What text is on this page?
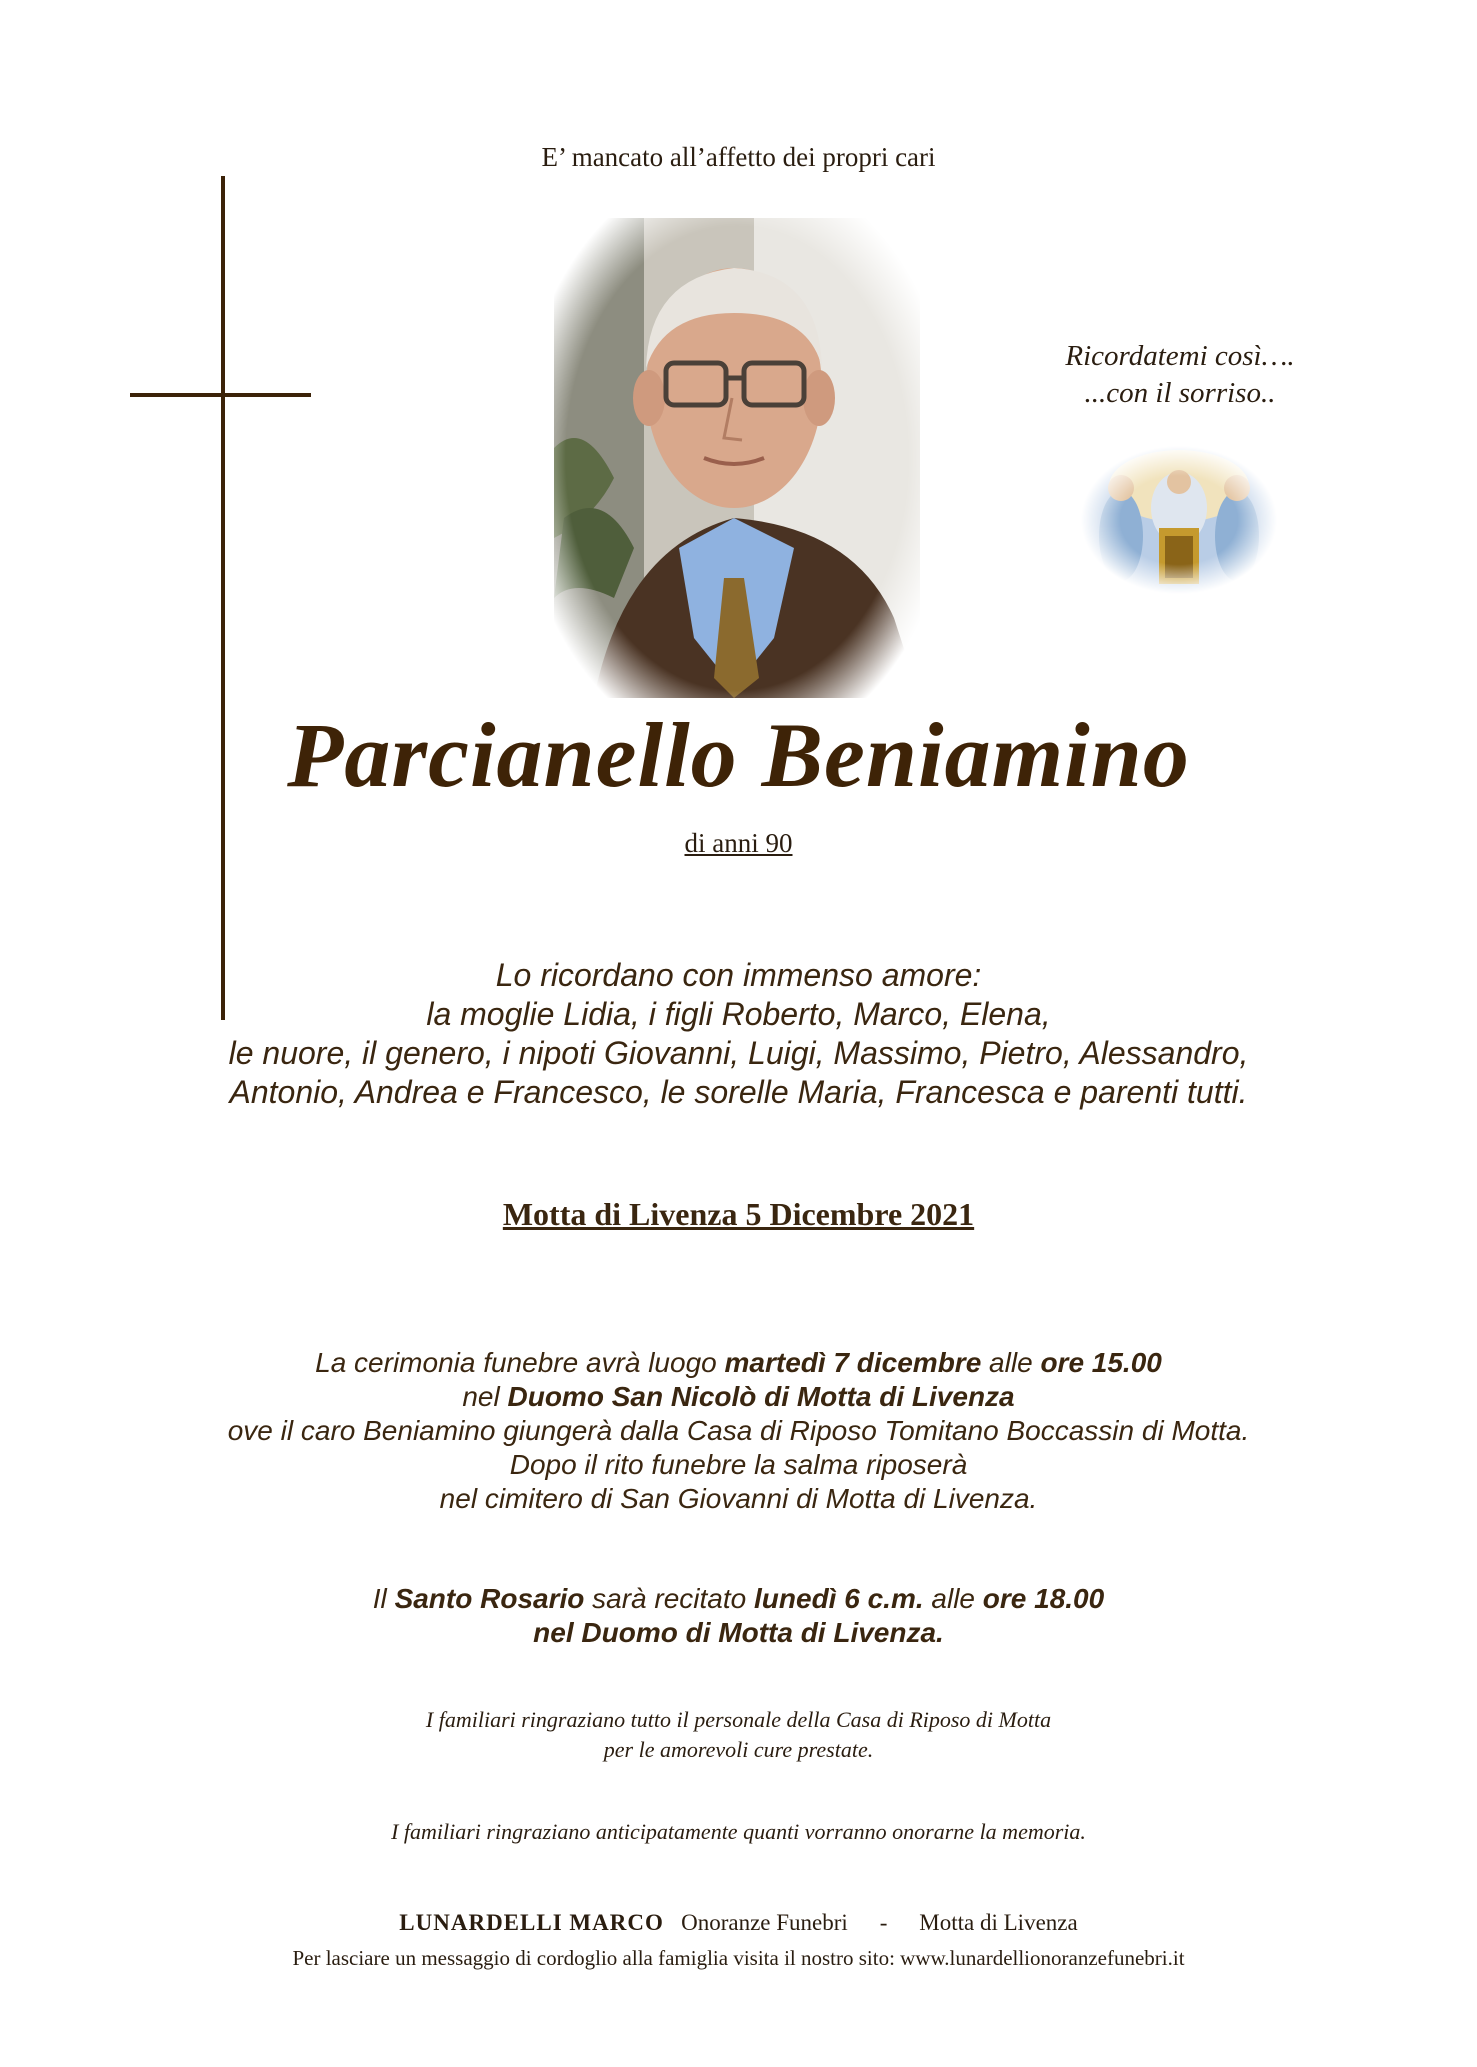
E’ mancato all’affetto dei propri cari
Ricordatemi così….
...con il sorriso..
Parcianello Beniamino
di anni 90
Lo ricordano con immenso amore:
la moglie Lidia, i figli Roberto, Marco, Elena,
le nuore, il genero, i nipoti Giovanni, Luigi, Massimo, Pietro, Alessandro,
Antonio, Andrea e Francesco, le sorelle Maria, Francesca e parenti tutti.
Motta di Livenza 5 Dicembre 2021
La cerimonia funebre avrà luogo martedì 7 dicembre alle ore 15.00
nel Duomo San Nicolò di Motta di Livenza
ove il caro Beniamino giungerà dalla Casa di Riposo Tomitano Boccassin di Motta.
Dopo il rito funebre la salma riposerà
nel cimitero di San Giovanni di Motta di Livenza.
Il Santo Rosario sarà recitato lunedì 6 c.m. alle ore 18.00
nel Duomo di Motta di Livenza.
I familiari ringraziano tutto il personale della Casa di Riposo di Motta
per le amorevoli cure prestate.
I familiari ringraziano anticipatamente quanti vorranno onorarne la memoria.
LUNARDELLI MARCO Onoranze Funebri - Motta di Livenza
Per lasciare un messaggio di cordoglio alla famiglia visita il nostro sito: www.lunardellionoranzefunebri.it
